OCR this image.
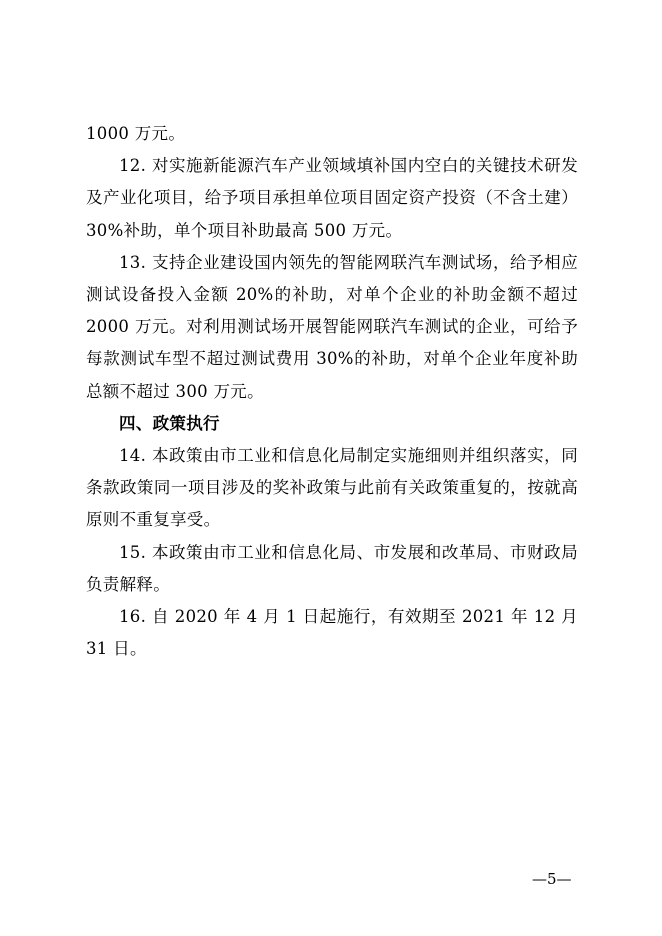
1000 万元。

12. 对实施新能源汽车产业领域填补国内空白的关键技术研发及产业化项目，给予项目承担单位项目固定资产投资（不含土建）30%补助，单个项目补助最高 500 万元。

13. 支持企业建设国内领先的智能网联汽车测试场，给予相应测试设备投入金额 20%的补助，对单个企业的补助金额不超过 2000 万元。对利用测试场开展智能网联汽车测试的企业，可给予每款测试车型不超过测试费用 30%的补助，对单个企业年度补助总额不超过 300 万元。

四、政策执行

14. 本政策由市工业和信息化局制定实施细则并组织落实，同条款政策同一项目涉及的奖补政策与此前有关政策重复的，按就高原则不重复享受。

15. 本政策由市工业和信息化局、市发展和改革局、市财政局负责解释。

16. 自 2020 年 4 月 1 日起施行，有效期至 2021 年 12 月 31 日。

—5—
